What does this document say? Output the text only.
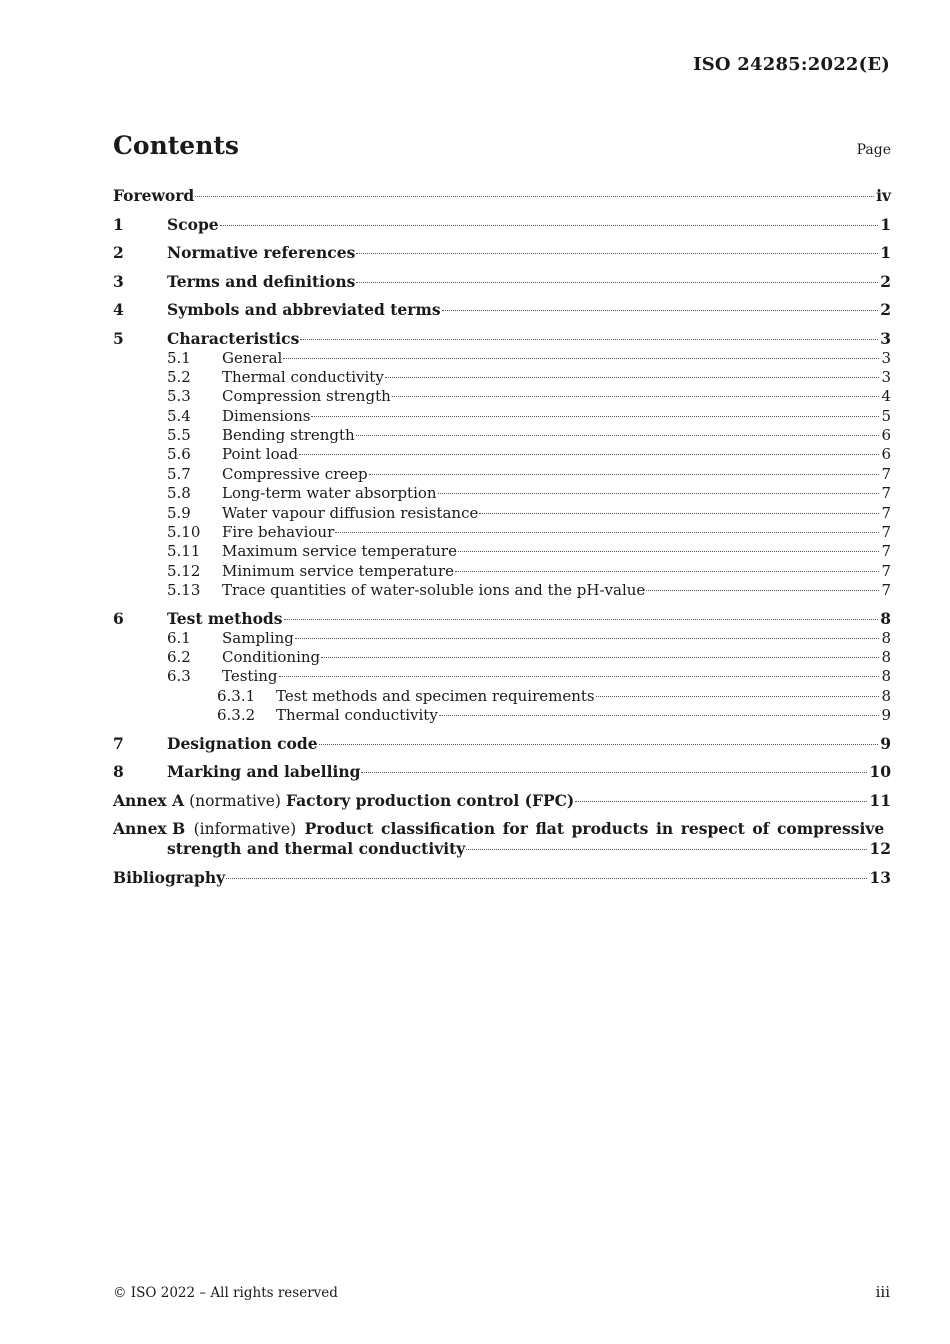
ISO 24285:2022(E)
Contents	Page
Foreword	iv
1	Scope	1
2	Normative references	1
3	Terms and definitions	2
4	Symbols and abbreviated terms	2
5	Characteristics	3
5.1	General	3
5.2	Thermal conductivity	3
5.3	Compression strength	4
5.4	Dimensions	5
5.5	Bending strength	6
5.6	Point load	6
5.7	Compressive creep	7
5.8	Long-term water absorption	7
5.9	Water vapour diffusion resistance	7
5.10	Fire behaviour	7
5.11	Maximum service temperature	7
5.12	Minimum service temperature	7
5.13	Trace quantities of water-soluble ions and the pH-value	7
6	Test methods	8
6.1	Sampling	8
6.2	Conditioning	8
6.3	Testing	8
6.3.1	Test methods and specimen requirements	8
6.3.2	Thermal conductivity	9
7	Designation code	9
8	Marking and labelling	10
Annex A (normative) Factory production control (FPC)	11
Annex B (informative) Product classification for flat products in respect of compressive
strength and thermal conductivity	12
Bibliography	13
© ISO 2022 – All rights reserved	iii
